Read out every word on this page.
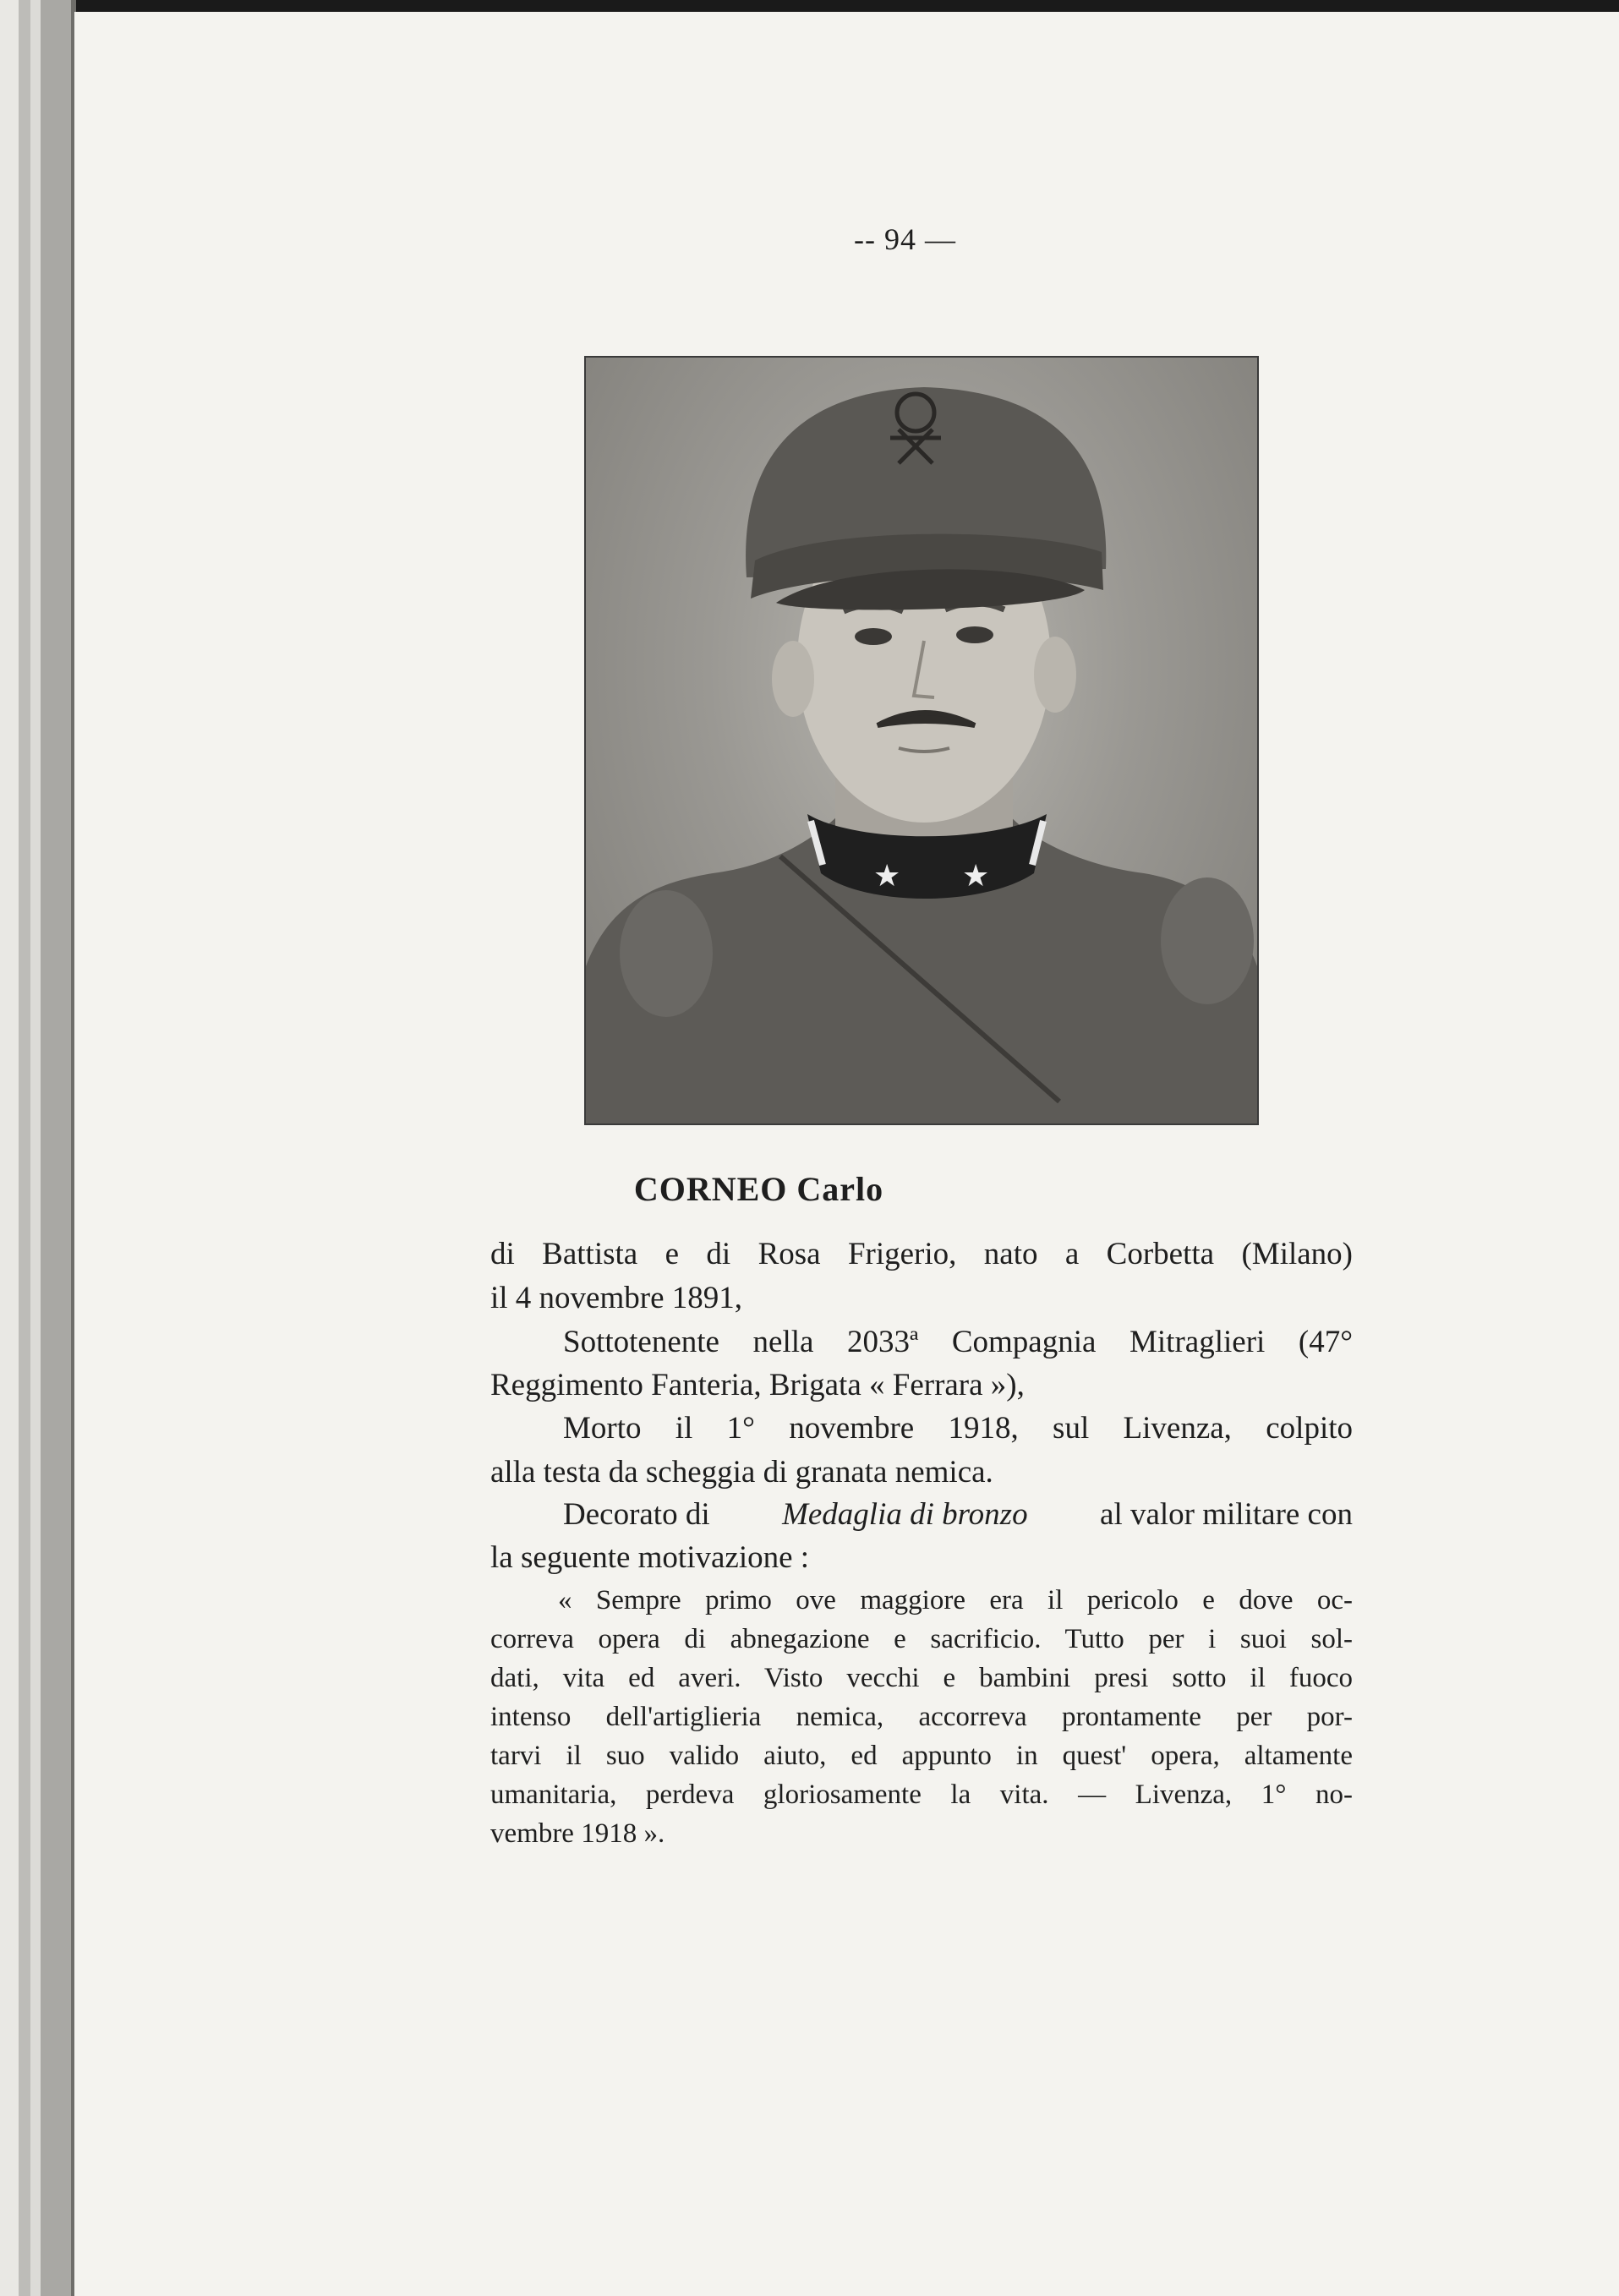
-- 94 —
★ ★
CORNEO Carlo
di Battista e di Rosa Frigerio, nato a Corbetta (Milano)
il 4 novembre 1891,
Sottotenente nella 2033ª Compagnia Mitraglieri (47°
Reggimento Fanteria, Brigata « Ferrara »),
Morto il 1° novembre 1918, sul Livenza, colpito
alla testa da scheggia di granata nemica.
Decorato di Medaglia di bronzo al valor militare con
la seguente motivazione :
« Sempre primo ove maggiore era il pericolo e dove oc-
correva opera di abnegazione e sacrificio. Tutto per i suoi sol-
dati, vita ed averi. Visto vecchi e bambini presi sotto il fuoco
intenso dell'artiglieria nemica, accorreva prontamente per por-
tarvi il suo valido aiuto, ed appunto in quest' opera, altamente
umanitaria, perdeva gloriosamente la vita. — Livenza, 1° no-
vembre 1918 ».
